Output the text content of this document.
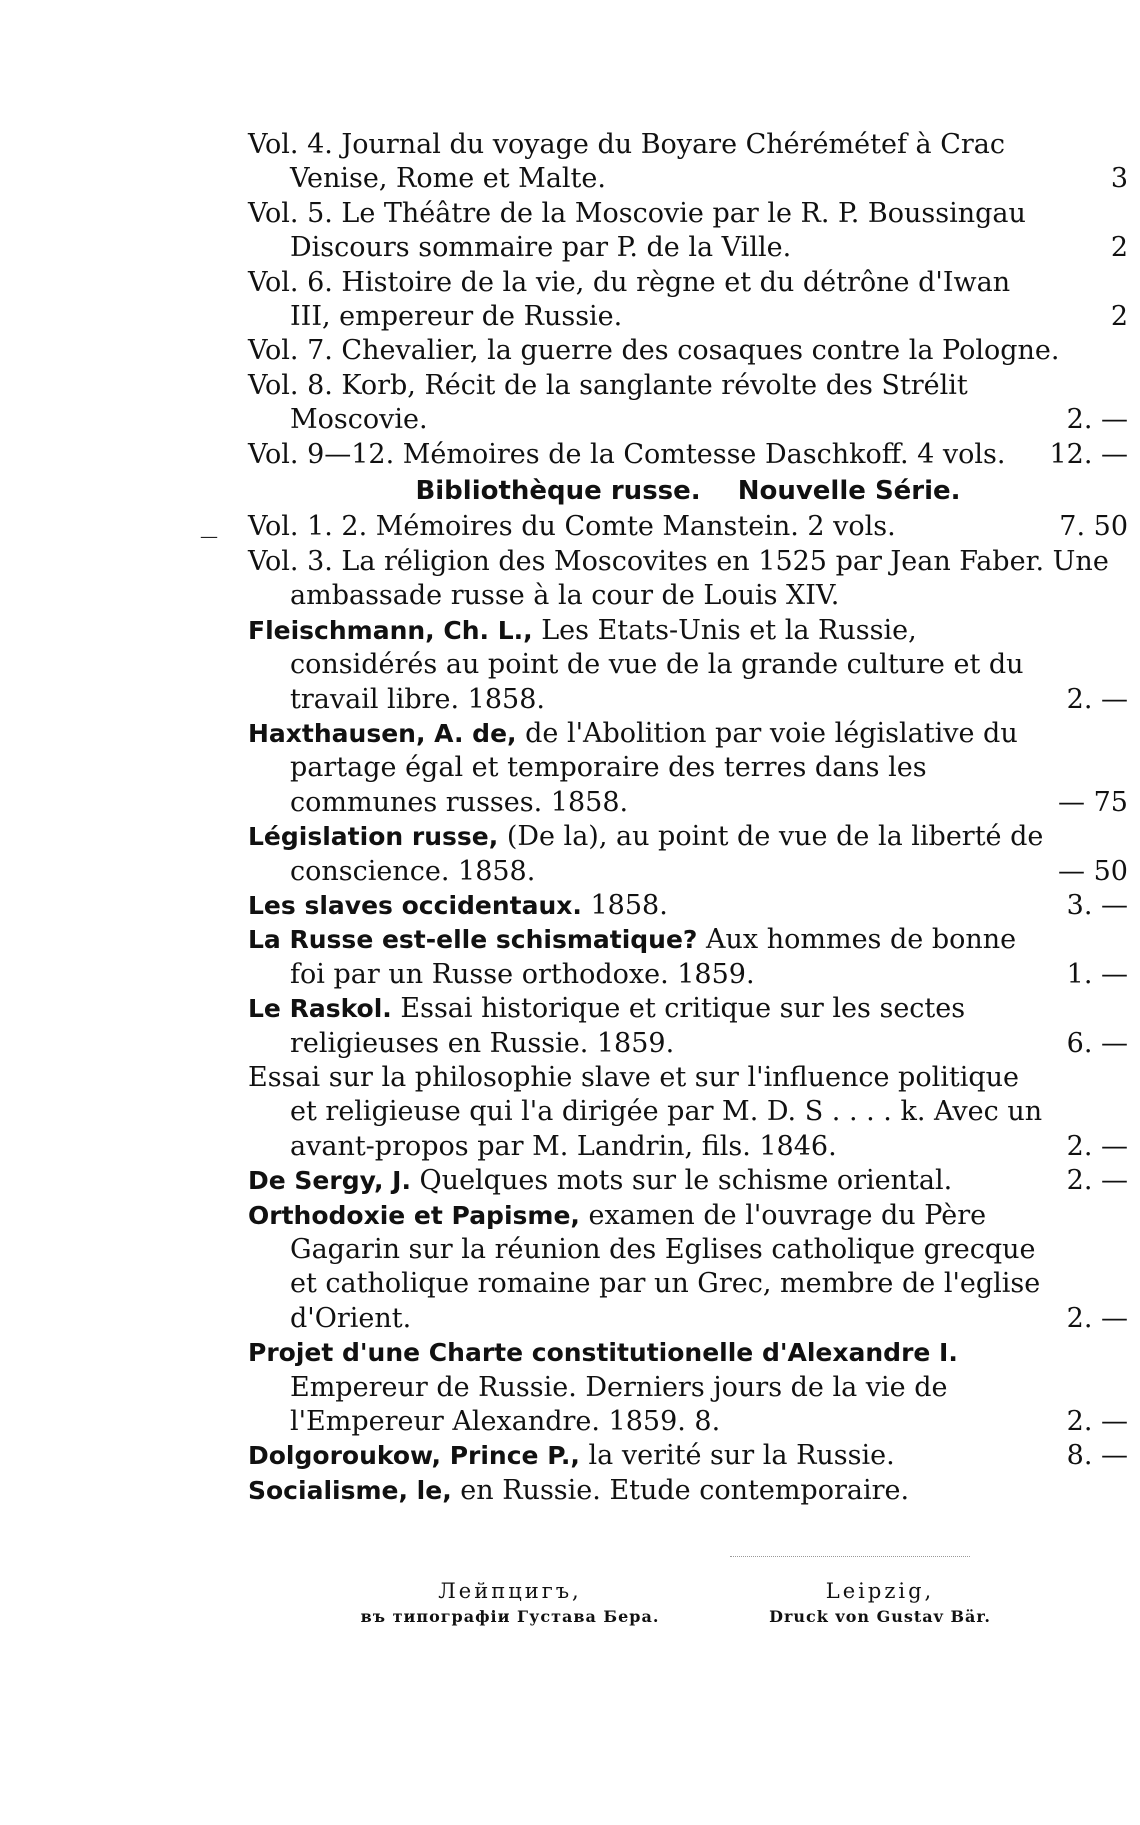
Vol. 4. Journal du voyage du Boyare Chérémétef à Crac Venise, Rome et Malte.	3
Vol. 5. Le Théâtre de la Moscovie par le R. P. Boussingau Discours sommaire par P. de la Ville.	2
Vol. 6. Histoire de la vie, du règne et du détrône d'Iwan III, empereur de Russie.	2
Vol. 7. Chevalier, la guerre des cosaques contre la Pologne.
Vol. 8. Korb, Récit de la sanglante révolte des Strélit Moscovie.	2. —
Vol. 9—12. Mémoires de la Comtesse Daschkoff. 4 vols.	12. —
Bibliothèque russe. Nouvelle Série.
Vol. 1. 2. Mémoires du Comte Manstein. 2 vols.	7. 50
Vol. 3. La réligion des Moscovites en 1525 par Jean Faber. Une ambassade russe à la cour de Louis XIV.
Fleischmann, Ch. L., Les Etats-Unis et la Russie, considérés au point de vue de la grande culture et du travail libre. 1858.	2. —
Haxthausen, A. de, de l'Abolition par voie législative du partage égal et temporaire des terres dans les communes russes. 1858.	— 75
Législation russe, (De la), au point de vue de la liberté de conscience. 1858.	— 50
Les slaves occidentaux. 1858.	3. —
La Russe est-elle schismatique? Aux hommes de bonne foi par un Russe orthodoxe. 1859.	1. —
Le Raskol. Essai historique et critique sur les sectes religieuses en Russie. 1859.	6. —
Essai sur la philosophie slave et sur l'influence politique et religieuse qui l'a dirigée par M. D. S . . . . k. Avec un avant-propos par M. Landrin, fils. 1846.	2. —
De Sergy, J. Quelques mots sur le schisme oriental.	2. —
Orthodoxie et Papisme, examen de l'ouvrage du Père Gagarin sur la réunion des Eglises catholique grecque et catholique romaine par un Grec, membre de l'eglise d'Orient.	2. —
Projet d'une Charte constitutionelle d'Alexandre I. Empereur de Russie. Derniers jours de la vie de l'Empereur Alexandre. 1859. 8.	2. —
Dolgoroukow, Prince P., la verité sur la Russie.	8. —
Socialisme, le, en Russie. Etude contemporaire.
Лейпцигъ,
въ типографіи Густава Бера.
Leipzig,
Druck von Gustav Bär.
—
